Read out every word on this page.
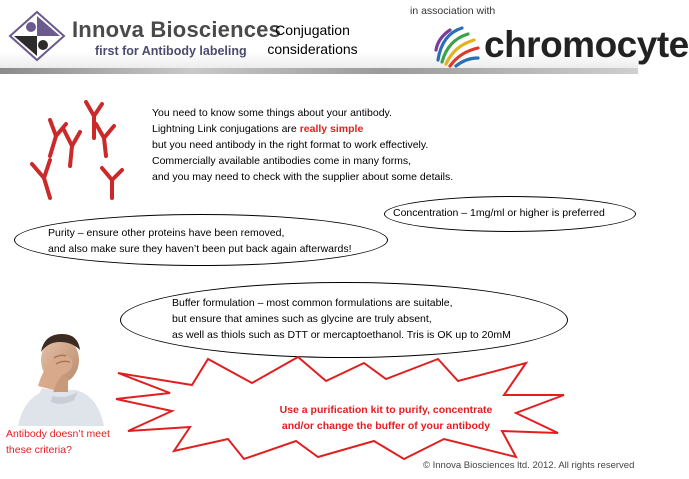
Innova Biosciences
first for Antibody labeling
Conjugation
considerations
in association with
chromocyte
You need to know some things about your antibody.
Lightning Link conjugations are really simple
but you need antibody in the right format to work effectively.
Commercially available antibodies come in many forms,
and you may need to check with the supplier about some details.
Concentration – 1mg/ml or higher is preferred
Purity – ensure other proteins have been removed,
and also make sure they haven’t been put back again afterwards!
Buffer formulation – most common formulations are suitable,
but ensure that amines such as glycine are truly absent,
as well as thiols such as DTT or mercaptoethanol. Tris is OK up to 20mM
Use a purification kit to purify, concentrate
and/or change the buffer of your antibody
Antibody doesn’t meet
these criteria?
© Innova Biosciences ltd. 2012. All rights reserved
